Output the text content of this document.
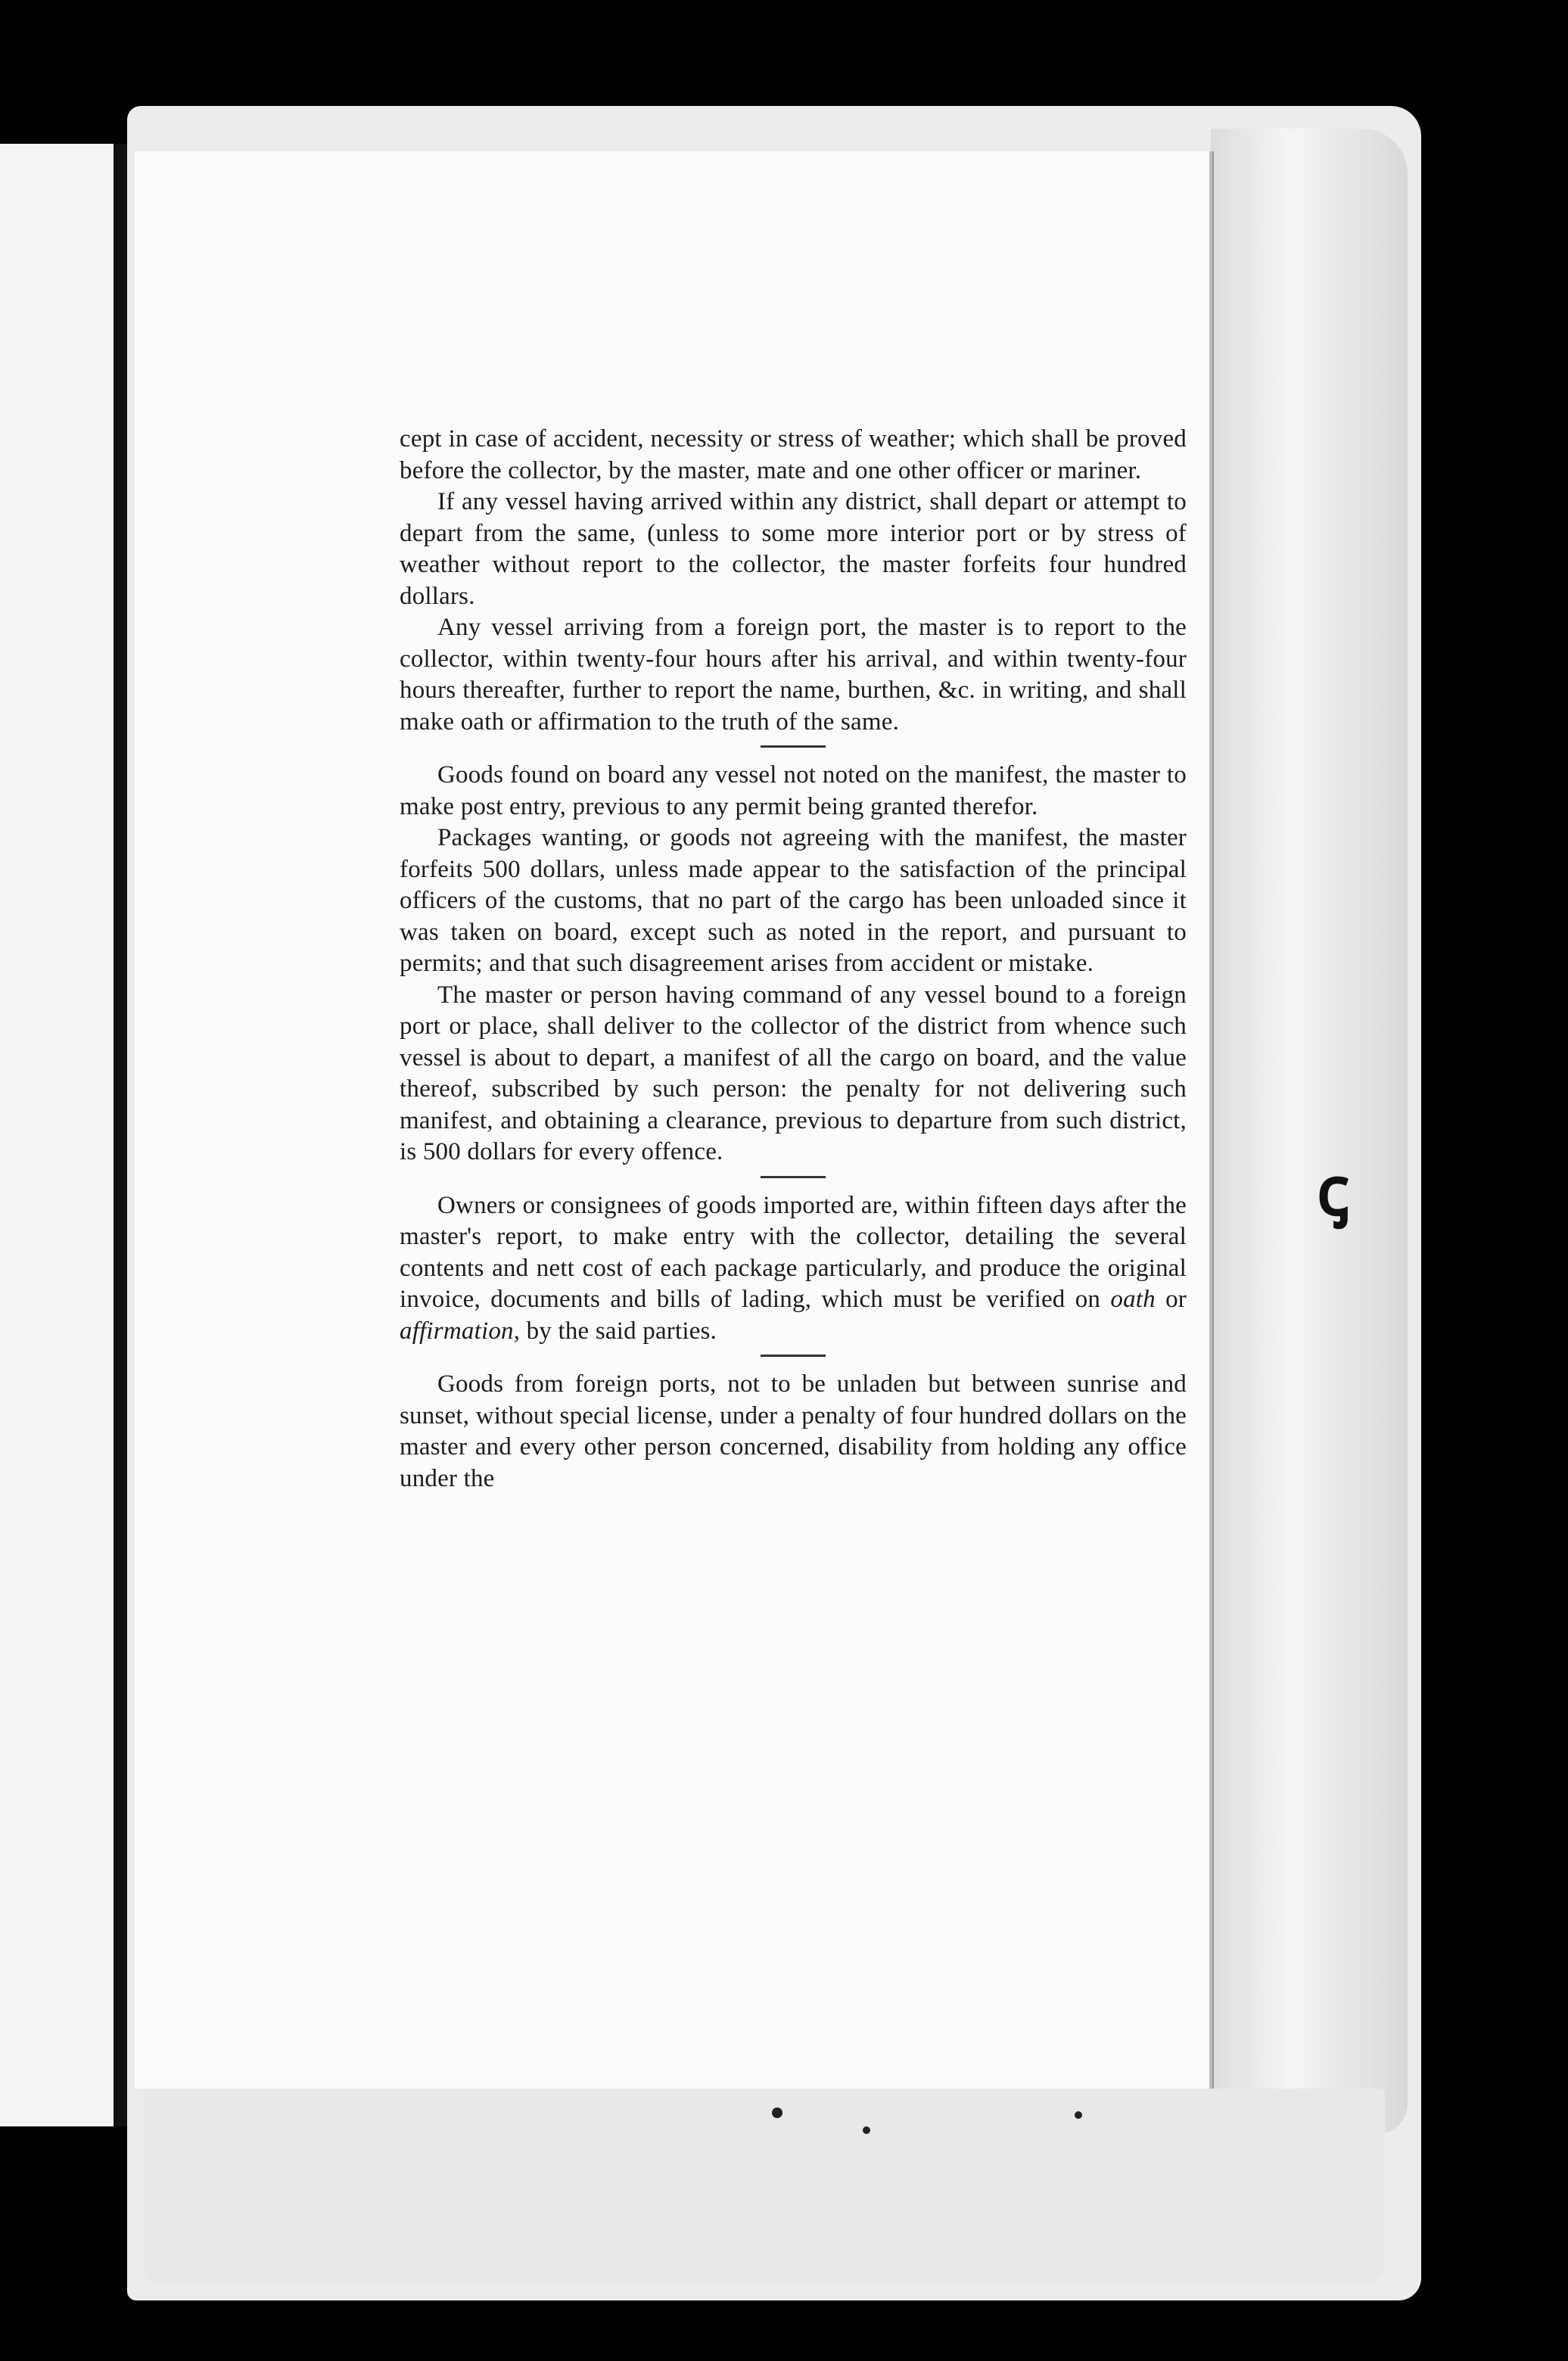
cept in case of accident, necessity or stress of weather; which shall be proved before the collector, by the master, mate and one other officer or mariner.

If any vessel having arrived within any district, shall depart or attempt to depart from the same, (unless to some more interior port or by stress of weather without report to the collector, the master forfeits four hundred dollars.

Any vessel arriving from a foreign port, the master is to report to the collector, within twenty-four hours after his arrival, and within twenty-four hours thereafter, further to report the name, burthen, &c. in writing, and shall make oath or affirmation to the truth of the same.

Goods found on board any vessel not noted on the manifest, the master to make post entry, previous to any permit being granted therefor.

Packages wanting, or goods not agreeing with the manifest, the master forfeits 500 dollars, unless made appear to the satisfaction of the principal officers of the customs, that no part of the cargo has been unloaded since it was taken on board, except such as noted in the report, and pursuant to permits; and that such disagreement arises from accident or mistake.

The master or person having command of any vessel bound to a foreign port or place, shall deliver to the collector of the district from whence such vessel is about to depart, a manifest of all the cargo on board, and the value thereof, subscribed by such person: the penalty for not delivering such manifest, and obtaining a clearance, previous to departure from such district, is 500 dollars for every offence.

Owners or consignees of goods imported are, within fifteen days after the master's report, to make entry with the collector, detailing the several contents and nett cost of each package particularly, and produce the original invoice, documents and bills of lading, which must be verified on oath or affirmation, by the said parties.

Goods from foreign ports, not to be unladen but between sunrise and sunset, without special license, under a penalty of four hundred dollars on the master and every other person concerned, disability from holding any office under the

ꞔ
